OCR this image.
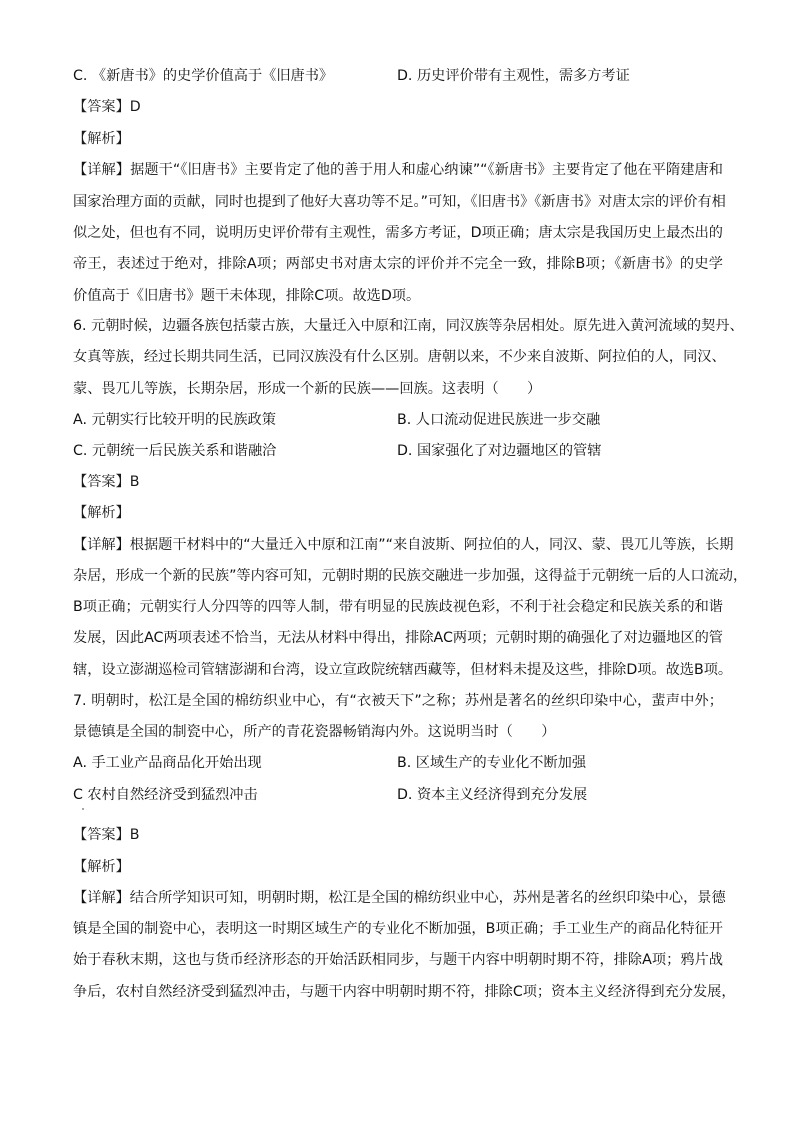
C. 《新唐书》的史学价值高于《旧唐书》	D. 历史评价带有主观性，需多方考证
【答案】D
【解析】
【详解】据题干“《旧唐书》主要肯定了他的善于用人和虚心纳谏”“《新唐书》主要肯定了他在平隋建唐和
国家治理方面的贡献，同时也提到了他好大喜功等不足。”可知，《旧唐书》《新唐书》对唐太宗的评价有相
似之处，但也有不同，说明历史评价带有主观性，需多方考证，D项正确；唐太宗是我国历史上最杰出的
帝王，表述过于绝对，排除A项；两部史书对唐太宗的评价并不完全一致，排除B项；《新唐书》的史学
价值高于《旧唐书》题干未体现，排除C项。故选D项。
6. 元朝时候，边疆各族包括蒙古族，大量迁入中原和江南，同汉族等杂居相处。原先进入黄河流域的契丹、
女真等族，经过长期共同生活，已同汉族没有什么区别。唐朝以来，不少来自波斯、阿拉伯的人，同汉、
蒙、畏兀儿等族，长期杂居，形成一个新的民族——回族。这表明（　　）
A. 元朝实行比较开明的民族政策	B. 人口流动促进民族进一步交融
C. 元朝统一后民族关系和谐融洽	D. 国家强化了对边疆地区的管辖
【答案】B
【解析】
【详解】根据题干材料中的“大量迁入中原和江南”“来自波斯、阿拉伯的人，同汉、蒙、畏兀儿等族，长期
杂居，形成一个新的民族”等内容可知，元朝时期的民族交融进一步加强，这得益于元朝统一后的人口流动，
B项正确；元朝实行人分四等的四等人制，带有明显的民族歧视色彩，不利于社会稳定和民族关系的和谐
发展，因此AC两项表述不恰当，无法从材料中得出，排除AC两项；元朝时期的确强化了对边疆地区的管
辖，设立澎湖巡检司管辖澎湖和台湾，设立宣政院统辖西藏等，但材料未提及这些，排除D项。故选B项。
7. 明朝时，松江是全国的棉纺织业中心，有“衣被天下”之称；苏州是著名的丝织印染中心，蜚声中外；
景德镇是全国的制瓷中心，所产的青花瓷器畅销海内外。这说明当时（　　）
A. 手工业产品商品化开始出现	B. 区域生产的专业化不断加强
C 农村自然经济受到猛烈冲击	D. 资本主义经济得到充分发展
【答案】B
【解析】
【详解】结合所学知识可知，明朝时期，松江是全国的棉纺织业中心，苏州是著名的丝织印染中心，景德
镇是全国的制瓷中心，表明这一时期区域生产的专业化不断加强，B项正确；手工业生产的商品化特征开
始于春秋末期，这也与货币经济形态的开始活跃相同步，与题干内容中明朝时期不符，排除A项；鸦片战
争后，农村自然经济受到猛烈冲击，与题干内容中明朝时期不符，排除C项；资本主义经济得到充分发展，
